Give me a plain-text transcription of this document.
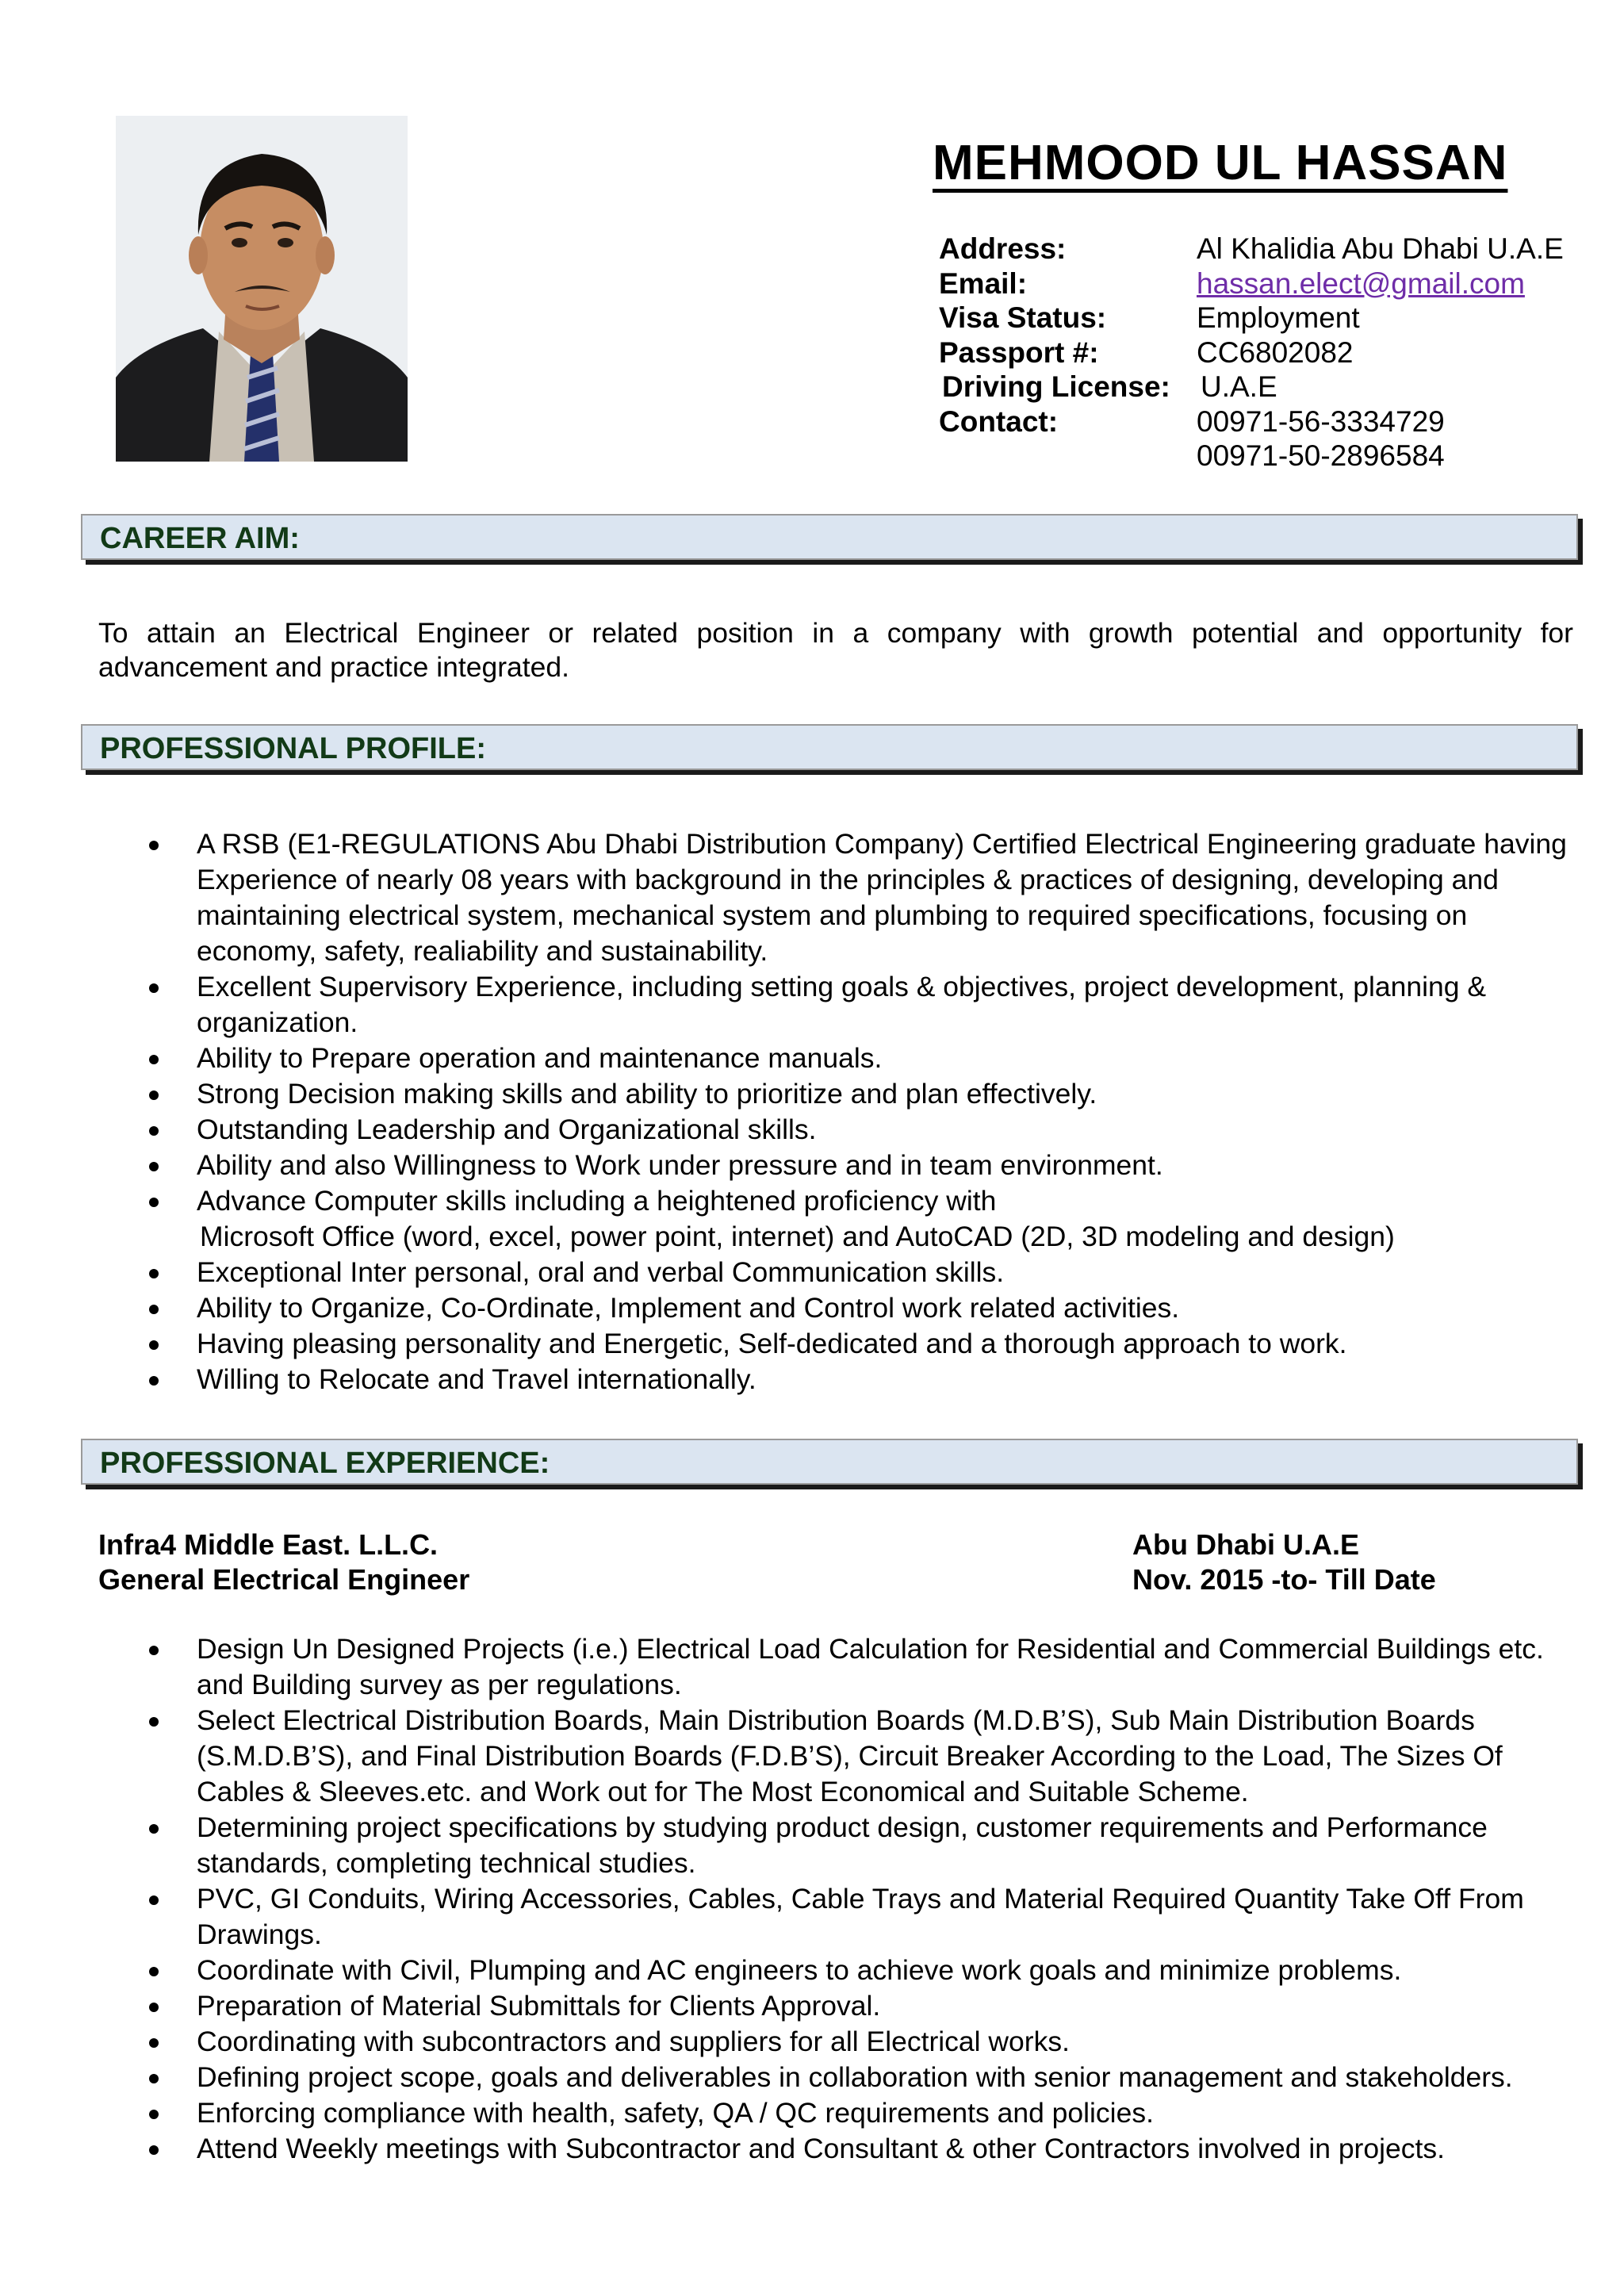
MEHMOOD UL HASSAN
Address:	Al Khalidia Abu Dhabi U.A.E
Email:	hassan.elect@gmail.com
Visa Status:	Employment
Passport #:	CC6802082
Driving License: U.A.E
Contact:	00971-56-3334729
00971-50-2896584
CAREER AIM:
To attain an Electrical Engineer or related position in a company with growth potential and opportunity for advancement and practice integrated.
PROFESSIONAL PROFILE:
A RSB (E1-REGULATIONS Abu Dhabi Distribution Company) Certified Electrical Engineering graduate having Experience of nearly 08 years with background in the principles & practices of designing, developing and maintaining electrical system, mechanical system and plumbing to required specifications, focusing on economy, safety, realiability and sustainability.
Excellent Supervisory Experience, including setting goals & objectives, project development, planning & organization.
Ability to Prepare operation and maintenance manuals.
Strong Decision making skills and ability to prioritize and plan effectively.
Outstanding Leadership and Organizational skills.
Ability and also Willingness to Work under pressure and in team environment.
Advance Computer skills including a heightened proficiency with
Microsoft Office (word, excel, power point, internet) and AutoCAD (2D, 3D modeling and design)
Exceptional Inter personal, oral and verbal Communication skills.
Ability to Organize, Co-Ordinate, Implement and Control work related activities.
Having pleasing personality and Energetic, Self-dedicated and a thorough approach to work.
Willing to Relocate and Travel internationally.
PROFESSIONAL EXPERIENCE:
Infra4 Middle East. L.L.C.	Abu Dhabi U.A.E
General Electrical Engineer	Nov. 2015 -to- Till Date
Design Un Designed Projects (i.e.) Electrical Load Calculation for Residential and Commercial Buildings etc. and Building survey as per regulations.
Select Electrical Distribution Boards, Main Distribution Boards (M.D.B’S), Sub Main Distribution Boards (S.M.D.B’S), and Final Distribution Boards (F.D.B’S), Circuit Breaker According to the Load, The Sizes Of Cables & Sleeves.etc. and Work out for The Most Economical and Suitable Scheme.
Determining project specifications by studying product design, customer requirements and Performance standards, completing technical studies.
PVC, GI Conduits, Wiring Accessories, Cables, Cable Trays and Material Required Quantity Take Off From Drawings.
Coordinate with Civil, Plumping and AC engineers to achieve work goals and minimize problems.
Preparation of Material Submittals for Clients Approval.
Coordinating with subcontractors and suppliers for all Electrical works.
Defining project scope, goals and deliverables in collaboration with senior management and stakeholders.
Enforcing compliance with health, safety, QA / QC requirements and policies.
Attend Weekly meetings with Subcontractor and Consultant & other Contractors involved in projects.
